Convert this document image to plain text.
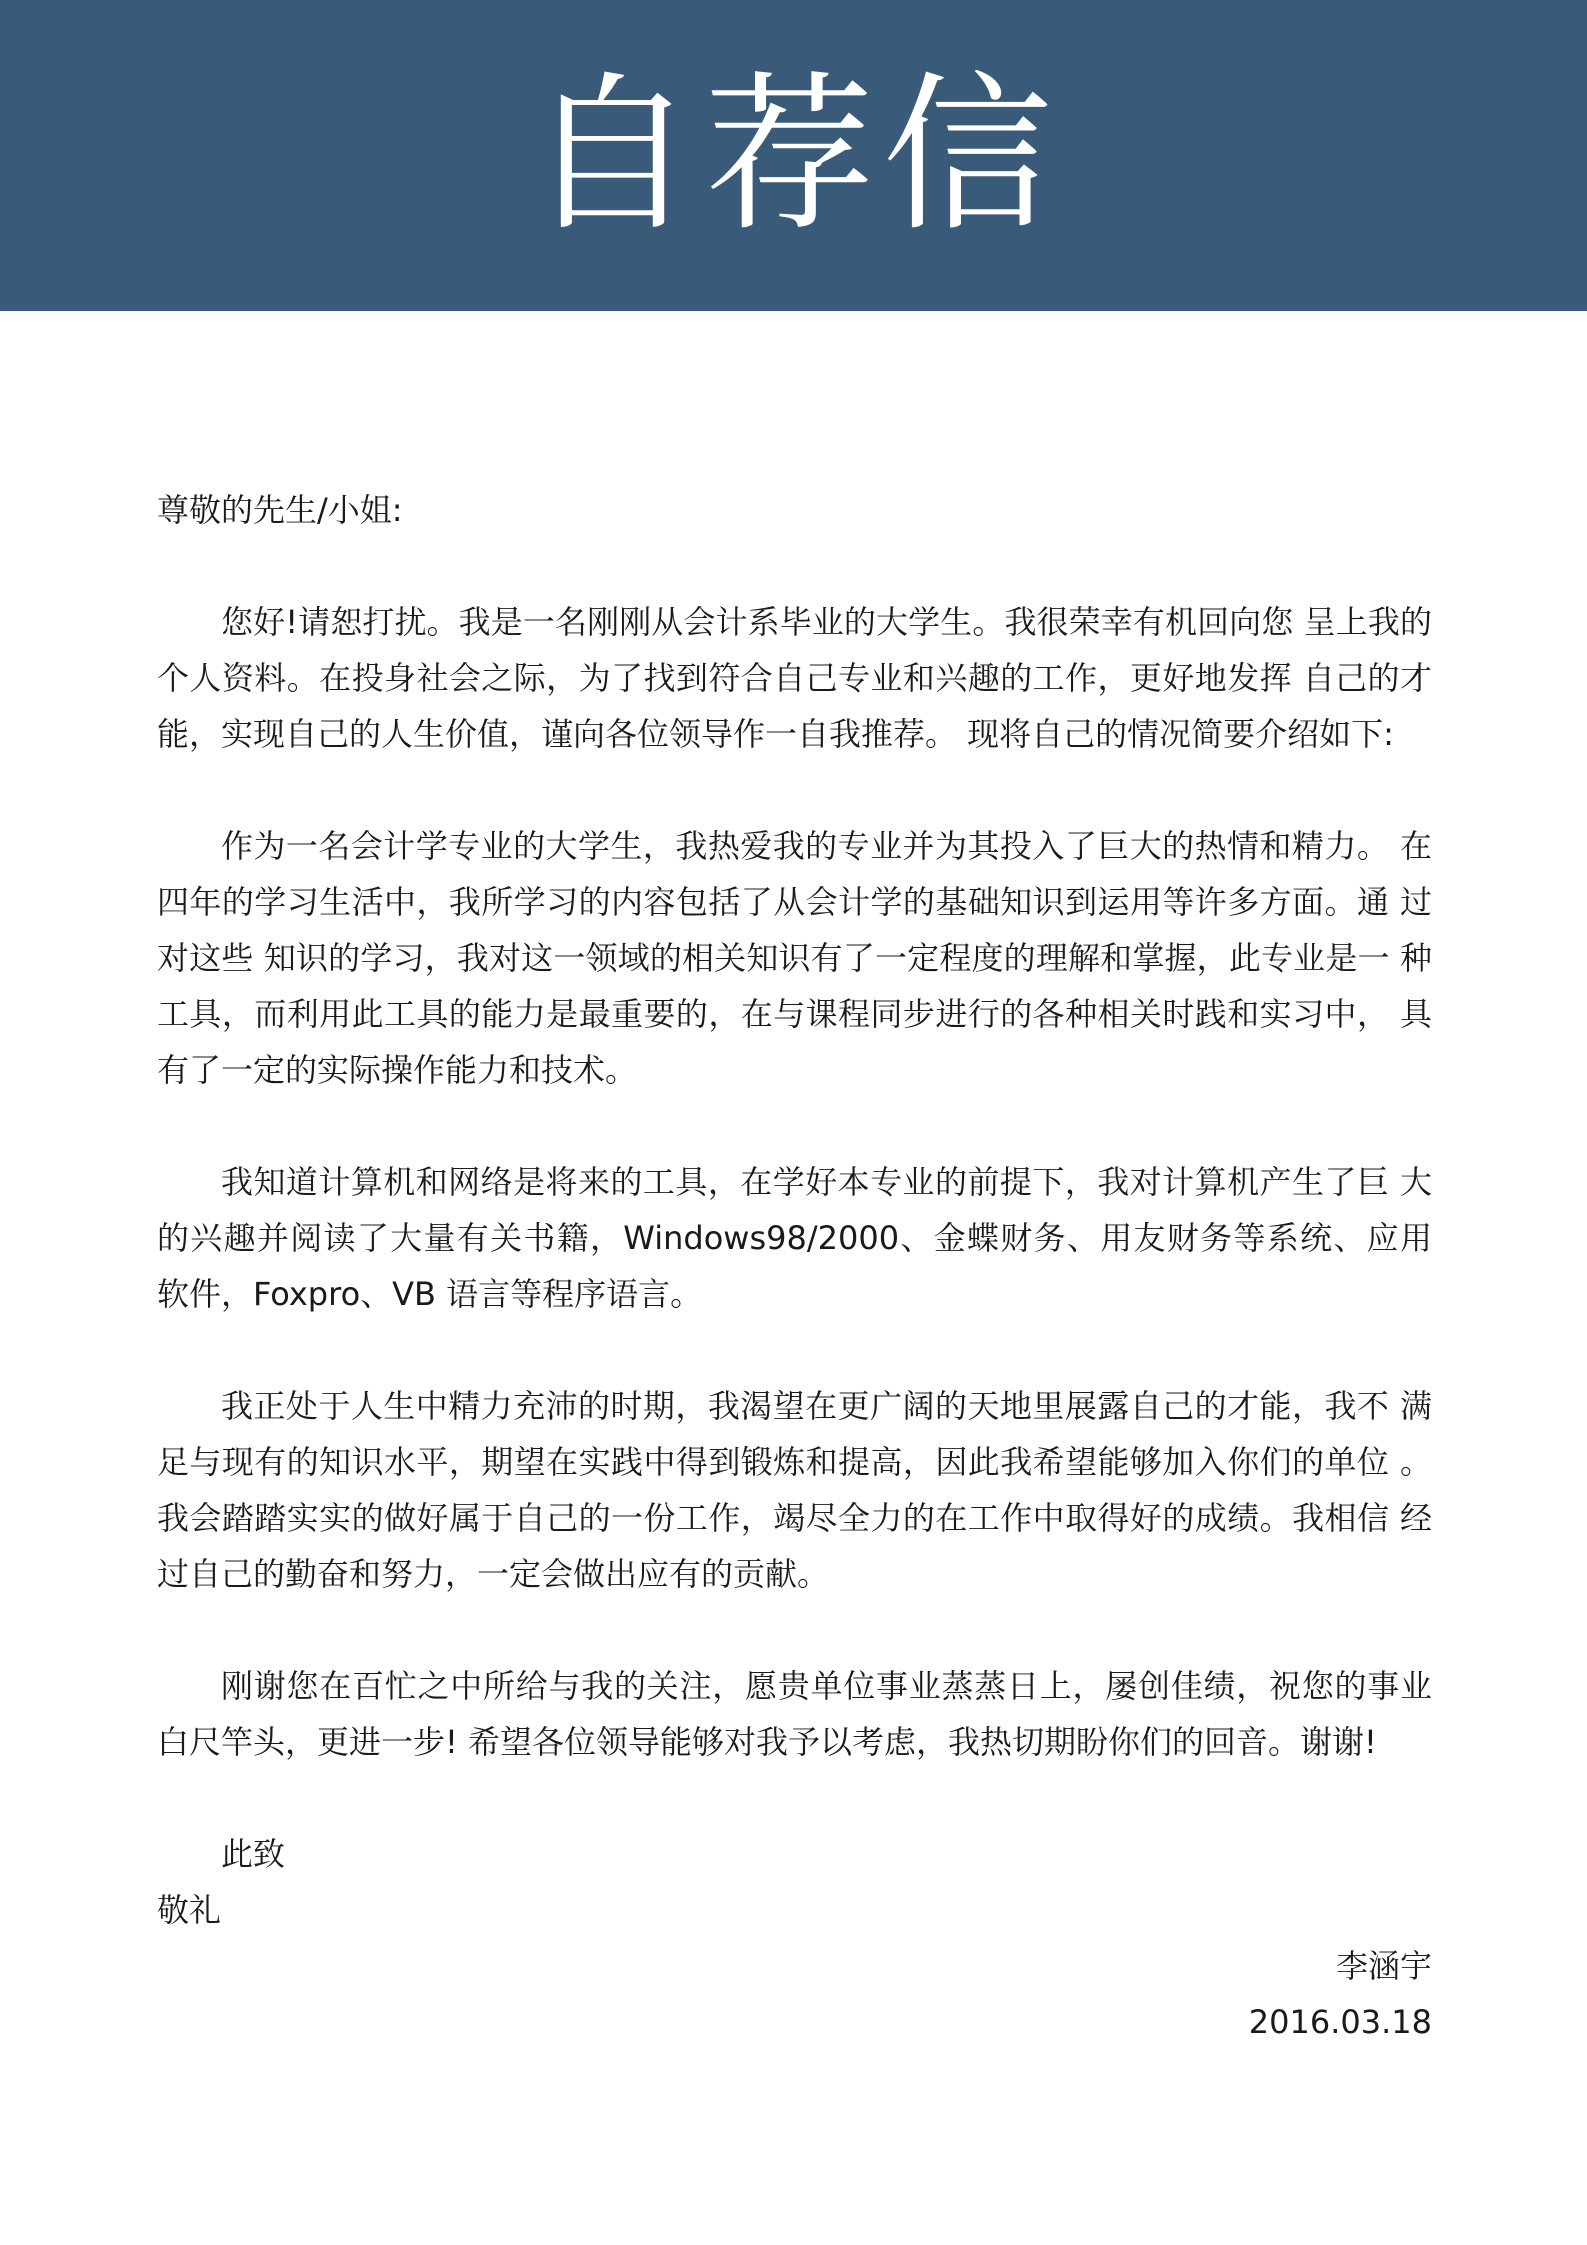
自荐信

尊敬的先生/小姐:

您好!请恕打扰。我是一名刚刚从会计系毕业的大学生。我很荣幸有机回向您 呈上我的个人资料。在投身社会之际，为了找到符合自己专业和兴趣的工作，更好地发挥 自己的才能，实现自己的人生价值，谨向各位领导作一自我推荐。 现将自己的情况简要介绍如下:

作为一名会计学专业的大学生，我热爱我的专业并为其投入了巨大的热情和精力。 在四年的学习生活中，我所学习的内容包括了从会计学的基础知识到运用等许多方面。通 过对这些 知识的学习，我对这一领域的相关知识有了一定程度的理解和掌握，此专业是一 种工具，而利用此工具的能力是最重要的，在与课程同步进行的各种相关时践和实习中， 具有了一定的实际操作能力和技术。

我知道计算机和网络是将来的工具，在学好本专业的前提下，我对计算机产生了巨 大的兴趣并阅读了大量有关书籍，Windows98/2000、金蝶财务、用友财务等系统、应用 软件，Foxpro、VB 语言等程序语言。

我正处于人生中精力充沛的时期，我渴望在更广阔的天地里展露自己的才能，我不 满足与现有的知识水平，期望在实践中得到锻炼和提高，因此我希望能够加入你们的单位 。我会踏踏实实的做好属于自己的一份工作，竭尽全力的在工作中取得好的成绩。我相信 经过自己的勤奋和努力，一定会做出应有的贡献。

刚谢您在百忙之中所给与我的关注，愿贵单位事业蒸蒸日上，屡创佳绩，祝您的事业 白尺竿头，更进一步! 希望各位领导能够对我予以考虑，我热切期盼你们的回音。谢谢!

此致

敬礼

李涵宇

2016.03.18
